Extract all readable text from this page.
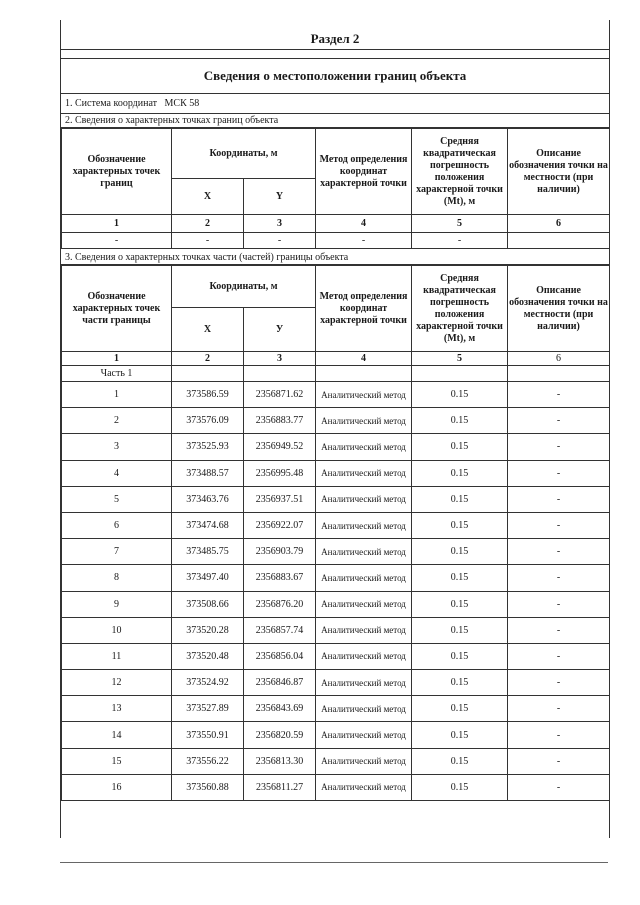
Раздел 2
Сведения о местоположении границ объекта
1. Система координат МСК 58
2. Сведения о характерных точках границ объекта
Обозначение характерных точек границ	Координаты, м		Метод определения координат характерной точки	Средняя квадратическая погрешность положения характерной точки (Mt), м	Описание обозначения точки на местности (при наличии)
	X	Y			
1	2	3	4	5	6
-	-	-	-	-	
3. Сведения о характерных точках части (частей) границы объекта
Обозначение характерных точек части границы	Координаты, м		Метод определения координат характерной точки	Средняя квадратическая погрешность положения характерной точки (Mt), м	Описание обозначения точки на местности (при наличии)
	X	У			
1	2	3	4	5	6
Часть 1					
1	373586.59	2356871.62	Аналитический метод	0.15	-
2	373576.09	2356883.77	Аналитический метод	0.15	-
3	373525.93	2356949.52	Аналитический метод	0.15	-
4	373488.57	2356995.48	Аналитический метод	0.15	-
5	373463.76	2356937.51	Аналитический метод	0.15	-
6	373474.68	2356922.07	Аналитический метод	0.15	-
7	373485.75	2356903.79	Аналитический метод	0.15	-
8	373497.40	2356883.67	Аналитический метод	0.15	-
9	373508.66	2356876.20	Аналитический метод	0.15	-
10	373520.28	2356857.74	Аналитический метод	0.15	-
11	373520.48	2356856.04	Аналитический метод	0.15	-
12	373524.92	2356846.87	Аналитический метод	0.15	-
13	373527.89	2356843.69	Аналитический метод	0.15	-
14	373550.91	2356820.59	Аналитический метод	0.15	-
15	373556.22	2356813.30	Аналитический метод	0.15	-
16	373560.88	2356811.27	Аналитический метод	0.15	-
